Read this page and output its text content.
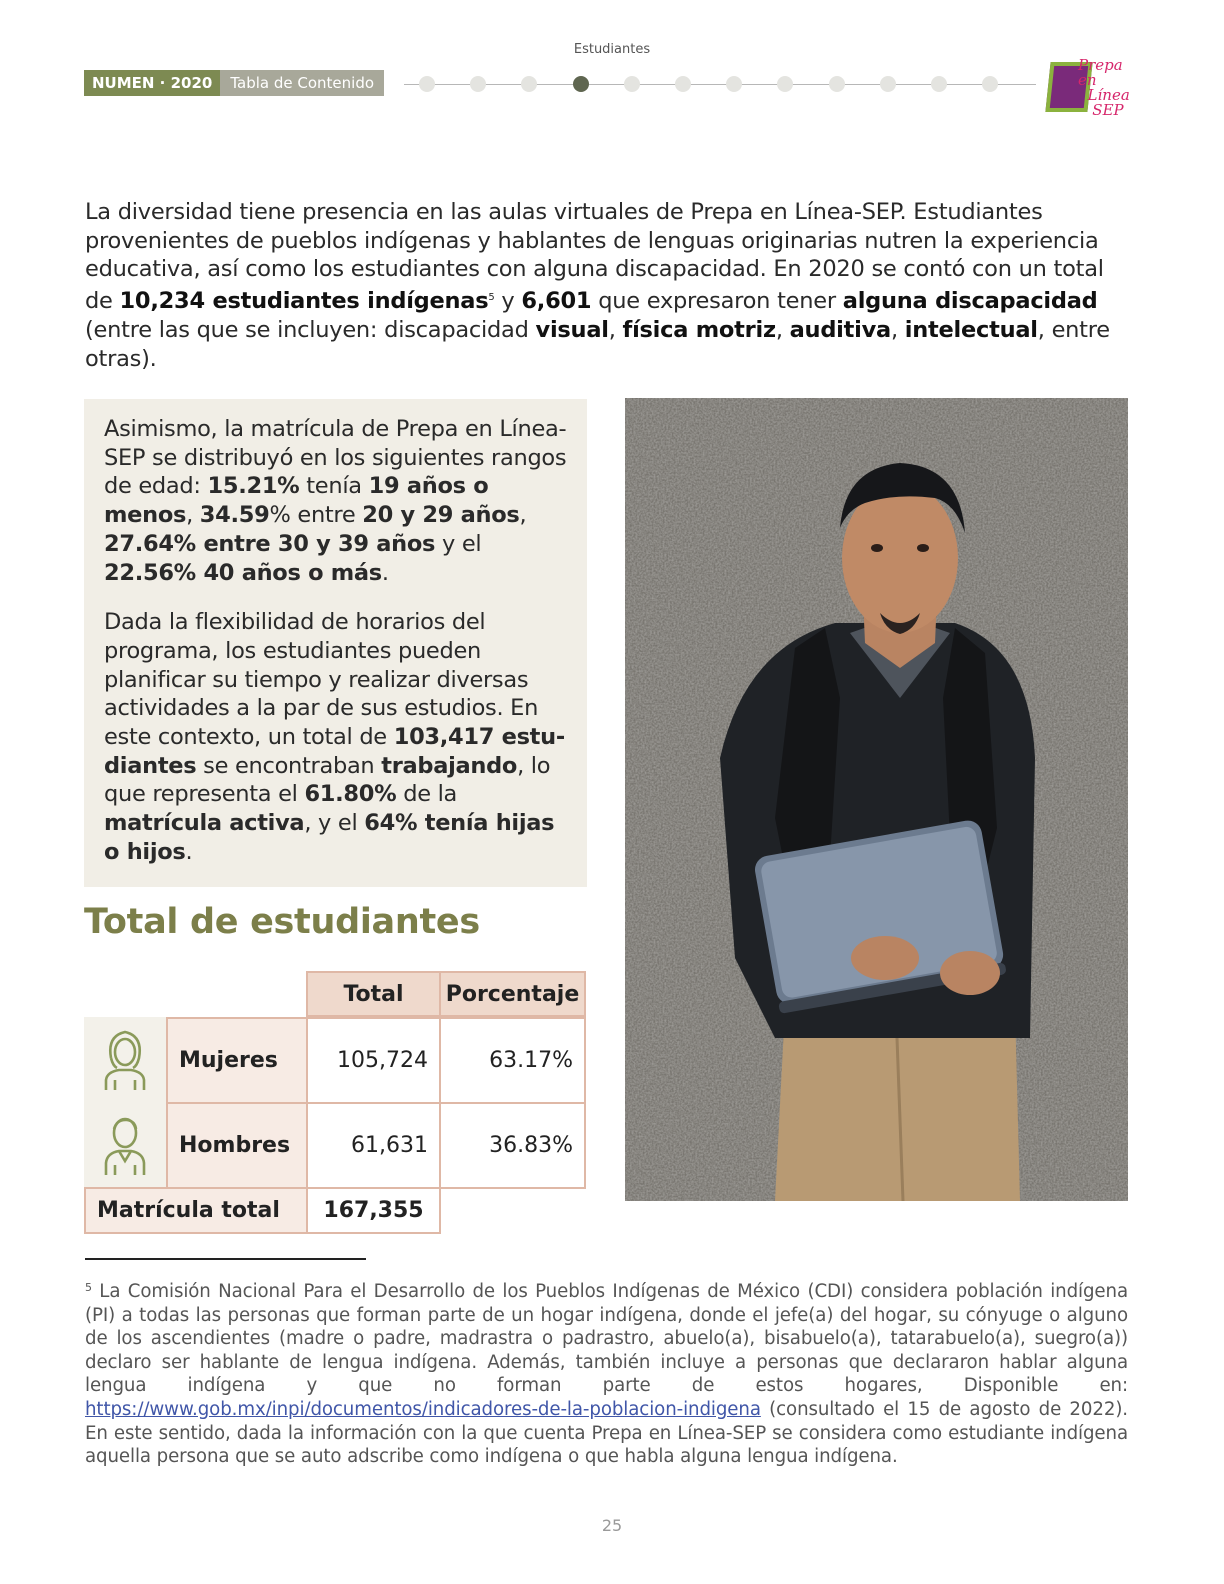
Estudiantes
NUMEN · 2020	Tabla de Contenido
Prepa en
Línea
SEP

La diversidad tiene presencia en las aulas virtuales de Prepa en Línea-SEP. Estudiantes provenientes de pueblos indígenas y hablantes de lenguas originarias nutren la experiencia educativa, así como los estudiantes con alguna discapacidad. En 2020 se contó con un total de 10,234 estudiantes indígenas$^5$ y 6,601 que expresaron tener alguna discapacidad (entre las que se incluyen: discapacidad visual, física motriz, auditiva, intelectual, entre otras).

Asimismo, la matrícula de Prepa en Línea-SEP se distribuyó en los siguientes rangos de edad: 15.21% tenía 19 años o menos, 34.59% entre 20 y 29 años, 27.64% entre 30 y 39 años y el 22.56% 40 años o más.

Dada la flexibilidad de horarios del programa, los estudiantes pueden planificar su tiempo y realizar diversas actividades a la par de sus estudios. En este contexto, un total de 103,417 estudiantes se encontraban trabajando, lo que representa el 61.80% de la matrícula activa, y el 64% tenía hijas o hijos.

Total de estudiantes
Total	Porcentaje
Mujeres	105,724	63.17%
Hombres	61,631	36.83%
Matrícula total	167,355

$^5$ La Comisión Nacional Para el Desarrollo de los Pueblos Indígenas de México (CDI) considera población indígena (PI) a todas las personas que forman parte de un hogar indígena, donde el jefe(a) del hogar, su cónyuge o alguno de los ascendientes (madre o padre, madrastra o padrastro, abuelo(a), bisabuelo(a), tatarabuelo(a), suegro(a)) declaro ser hablante de lengua indígena. Además, también incluye a personas que declararon hablar alguna lengua indígena y que no forman parte de estos hogares, Disponible en: https://www.gob.mx/inpi/documentos/indicadores-de-la-poblacion-indigena (consultado el 15 de agosto de 2022). En este sentido, dada la información con la que cuenta Prepa en Línea-SEP se considera como estudiante indígena aquella persona que se auto adscribe como indígena o que habla alguna lengua indígena.

25
